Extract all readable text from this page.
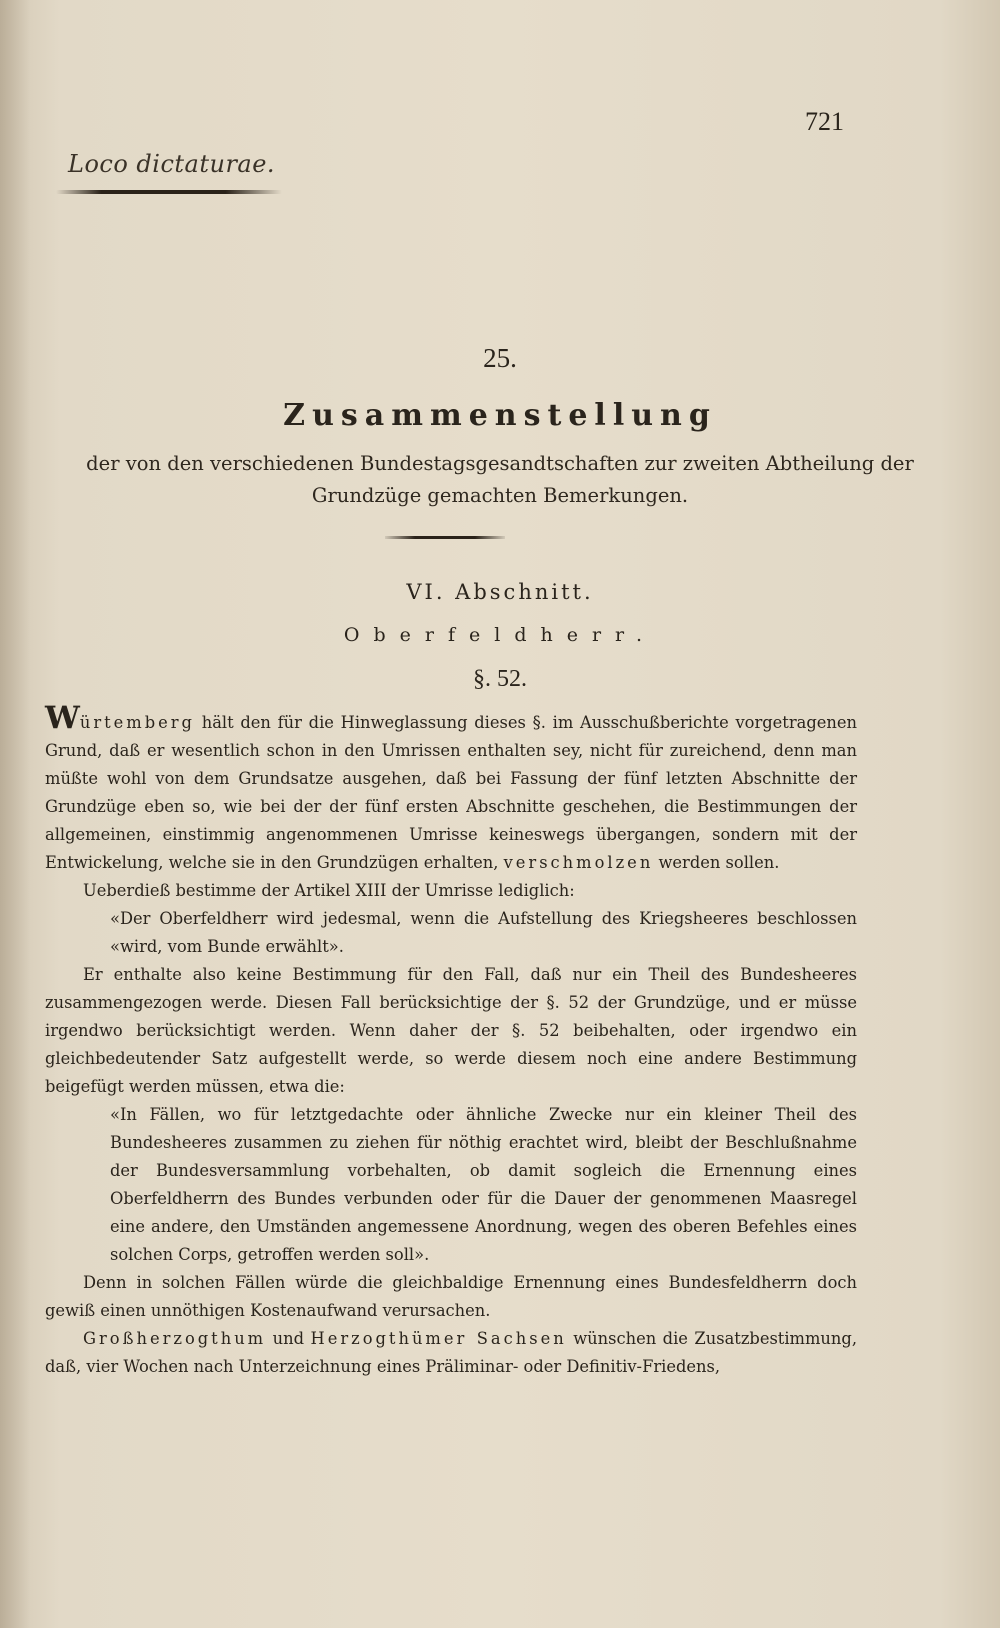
Loco dictaturae.
721
25.
Zusammenstellung
der von den verschiedenen Bundestagsgesandtschaften zur zweiten Abtheilung der Grundzüge gemachten Bemerkungen.
VI. Abschnitt.
Oberfeldherr.
§. 52.

Würtemberg hält den für die Hinweglassung dieses §. im Ausschußberichte vorgetragenen Grund, daß er wesentlich schon in den Umrissen enthalten sey, nicht für zureichend, denn man müßte wohl von dem Grundsatze ausgehen, daß bei Fassung der fünf letzten Abschnitte der Grundzüge eben so, wie bei der der fünf ersten Abschnitte geschehen, die Bestimmungen der allgemeinen, einstimmig angenommenen Umrisse keineswegs übergangen, sondern mit der Entwickelung, welche sie in den Grundzügen erhalten, verschmolzen werden sollen.

Ueberdieß bestimme der Artikel XIII der Umrisse lediglich:

«Der Oberfeldherr wird jedesmal, wenn die Aufstellung des Kriegsheeres beschlossen «wird, vom Bunde erwählt».

Er enthalte also keine Bestimmung für den Fall, daß nur ein Theil des Bundesheeres zusammengezogen werde. Diesen Fall berücksichtige der §. 52 der Grundzüge, und er müsse irgendwo berücksichtigt werden. Wenn daher der §. 52 beibehalten, oder irgendwo ein gleichbedeutender Satz aufgestellt werde, so werde diesem noch eine andere Bestimmung beigefügt werden müssen, etwa die:

«In Fällen, wo für letztgedachte oder ähnliche Zwecke nur ein kleiner Theil des Bundesheeres zusammen zu ziehen für nöthig erachtet wird, bleibt der Beschlußnahme der Bundesversammlung vorbehalten, ob damit sogleich die Ernennung eines Oberfeldherrn des Bundes verbunden oder für die Dauer der genommenen Maasregel eine andere, den Umständen angemessene Anordnung, wegen des oberen Befehles eines solchen Corps, getroffen werden soll».

Denn in solchen Fällen würde die gleichbaldige Ernennung eines Bundesfeldherrn doch gewiß einen unnöthigen Kostenaufwand verursachen.

Großherzogthum und Herzogthümer Sachsen wünschen die Zusatzbestimmung, daß, vier Wochen nach Unterzeichnung eines Präliminar- oder Definitiv-Friedens,
